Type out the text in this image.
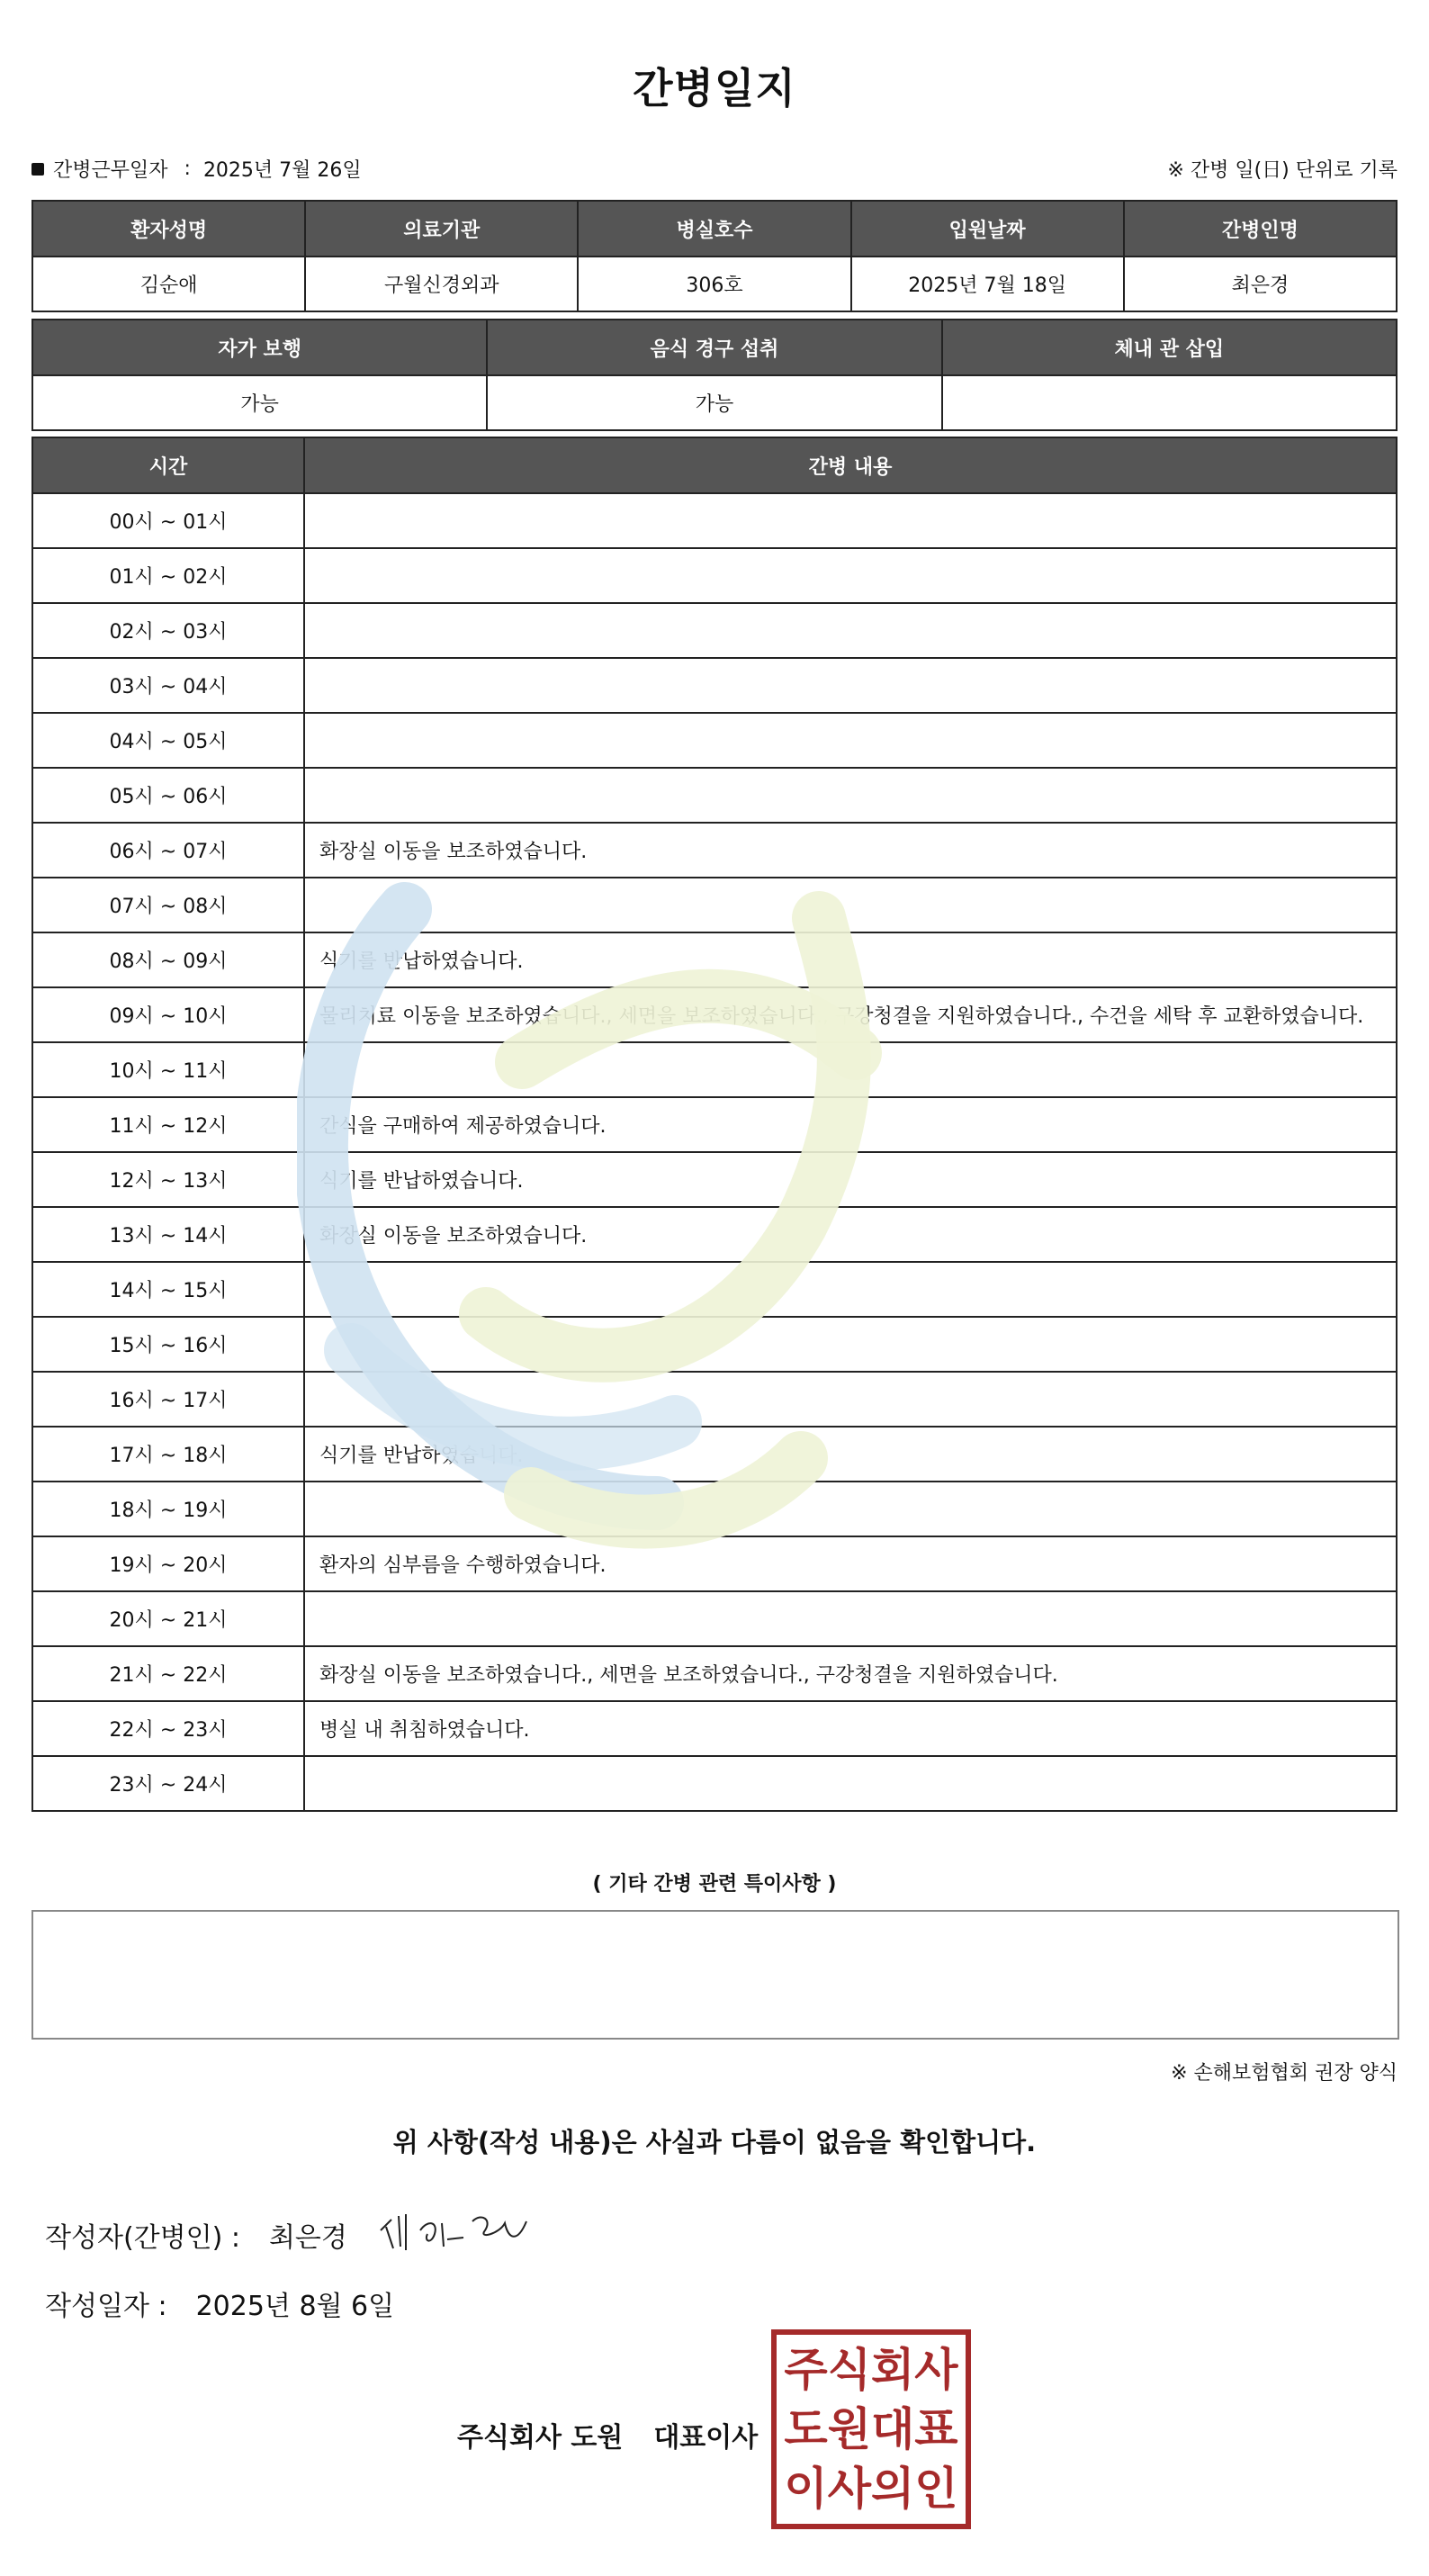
간병일지
간병근무일자 : 2025년 7월 26일	※ 간병 일(日) 단위로 기록
환자성명	의료기관	병실호수	입원날짜	간병인명
김순애	구월신경외과	306호	2025년 7월 18일	최은경
자가 보행	음식 경구 섭취	체내 관 삽입
가능	가능	
시간	간병 내용
00시 ~ 01시	
01시 ~ 02시	
02시 ~ 03시	
03시 ~ 04시	
04시 ~ 05시	
05시 ~ 06시	
06시 ~ 07시	화장실 이동을 보조하였습니다.
07시 ~ 08시	
08시 ~ 09시	식기를 반납하였습니다.
09시 ~ 10시	물리치료 이동을 보조하였습니다., 세면을 보조하였습니다., 구강청결을 지원하였습니다., 수건을 세탁 후 교환하였습니다.
10시 ~ 11시	
11시 ~ 12시	간식을 구매하여 제공하였습니다.
12시 ~ 13시	식기를 반납하였습니다.
13시 ~ 14시	화장실 이동을 보조하였습니다.
14시 ~ 15시	
15시 ~ 16시	
16시 ~ 17시	
17시 ~ 18시	식기를 반납하였습니다.
18시 ~ 19시	
19시 ~ 20시	환자의 심부름을 수행하였습니다.
20시 ~ 21시	
21시 ~ 22시	화장실 이동을 보조하였습니다., 세면을 보조하였습니다., 구강청결을 지원하였습니다.
22시 ~ 23시	병실 내 취침하였습니다.
23시 ~ 24시	
( 기타 간병 관련 특이사항 )
※ 손해보험협회 권장 양식
위 사항(작성 내용)은 사실과 다름이 없음을 확인합니다.
작성자(간병인) : 최은경
작성일자 : 2025년 8월 6일
주식회사 도원 대표이사
주식회사
도원대표
이사의인
